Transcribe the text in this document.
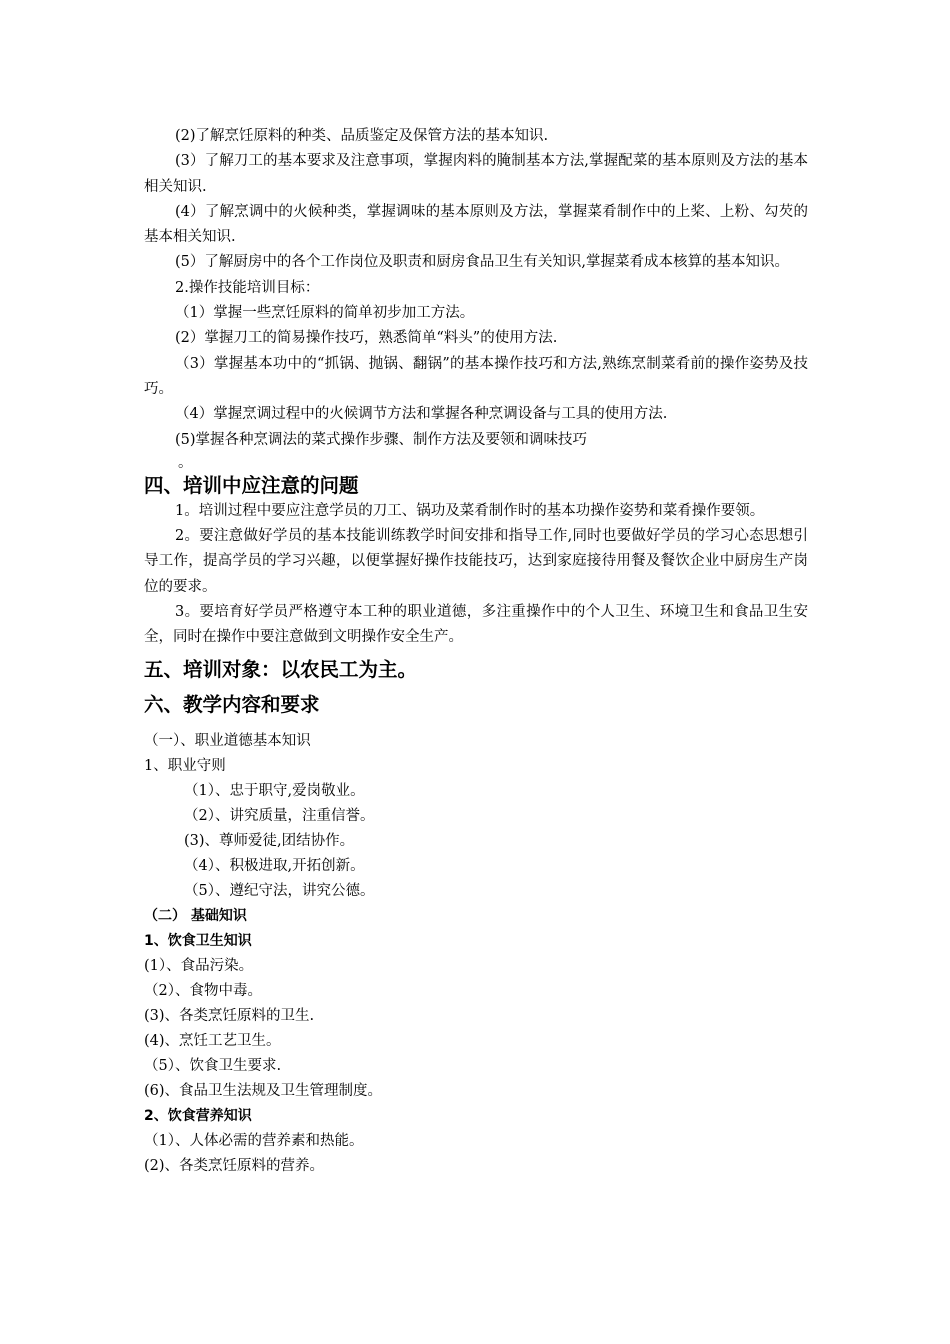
(2)了解烹饪原料的种类、品质鉴定及保管方法的基本知识.

(3）了解刀工的基本要求及注意事项，掌握肉料的腌制基本方法,掌握配菜的基本原则及方法的基本相关知识.

(4）了解烹调中的火候种类，掌握调味的基本原则及方法，掌握菜肴制作中的上桨、上粉、勾芡的基本相关知识.

(5）了解厨房中的各个工作岗位及职责和厨房食品卫生有关知识,掌握菜肴成本核算的基本知识。

2.操作技能培训目标：

（1）掌握一些烹饪原料的简单初步加工方法。

(2）掌握刀工的简易操作技巧，熟悉简单“料头”的使用方法.

（3）掌握基本功中的“抓锅、抛锅、翻锅”的基本操作技巧和方法,熟练烹制菜肴前的操作姿势及技巧。

（4）掌握烹调过程中的火候调节方法和掌握各种烹调设备与工具的使用方法.

(5)掌握各种烹调法的菜式操作步骤、制作方法及要领和调味技巧

。
四、培训中应注意的问题

1。培训过程中要应注意学员的刀工、锅功及菜肴制作时的基本功操作姿势和菜肴操作要领。

2。要注意做好学员的基本技能训练教学时间安排和指导工作,同时也要做好学员的学习心态思想引导工作，提高学员的学习兴趣，以便掌握好操作技能技巧，达到家庭接待用餐及餐饮企业中厨房生产岗位的要求。

3。要培育好学员严格遵守本工种的职业道德，多注重操作中的个人卫生、环境卫生和食品卫生安全，同时在操作中要注意做到文明操作安全生产。

五、培训对象：以农民工为主。
六、教学内容和要求

（一）、职业道德基本知识

1、职业守则

（1）、忠于职守,爱岗敬业。

（2）、讲究质量，注重信誉。

(3)、尊师爱徒,团结协作。

（4）、积极进取,开拓创新。

（5）、遵纪守法，讲究公德。

（二） 基础知识

1、饮食卫生知识

(1）、食品污染。

（2）、食物中毒。

(3)、各类烹饪原料的卫生.

(4)、烹饪工艺卫生。

（5）、饮食卫生要求.

(6)、食品卫生法规及卫生管理制度。

2、饮食营养知识

（1）、人体必需的营养素和热能。

(2)、各类烹饪原料的营养。
